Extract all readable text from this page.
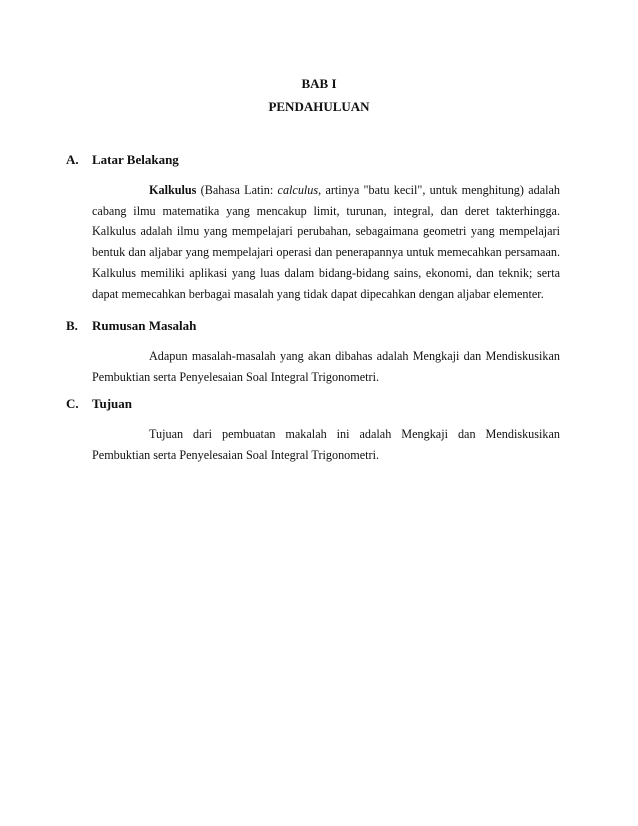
BAB I
PENDAHULUAN
A. Latar Belakang

Kalkulus (Bahasa Latin: calculus, artinya "batu kecil", untuk menghitung) adalah cabang ilmu matematika yang mencakup limit, turunan, integral, dan deret takterhingga. Kalkulus adalah ilmu yang mempelajari perubahan, sebagaimana geometri yang mempelajari bentuk dan aljabar yang mempelajari operasi dan penerapannya untuk memecahkan persamaan. Kalkulus memiliki aplikasi yang luas dalam bidang-bidang sains, ekonomi, dan teknik; serta dapat memecahkan berbagai masalah yang tidak dapat dipecahkan dengan aljabar elementer.

B. Rumusan Masalah

Adapun masalah-masalah yang akan dibahas adalah Mengkaji dan Mendiskusikan Pembuktian serta Penyelesaian Soal Integral Trigonometri.

C. Tujuan

Tujuan dari pembuatan makalah ini adalah Mengkaji dan Mendiskusikan Pembuktian serta Penyelesaian Soal Integral Trigonometri.
